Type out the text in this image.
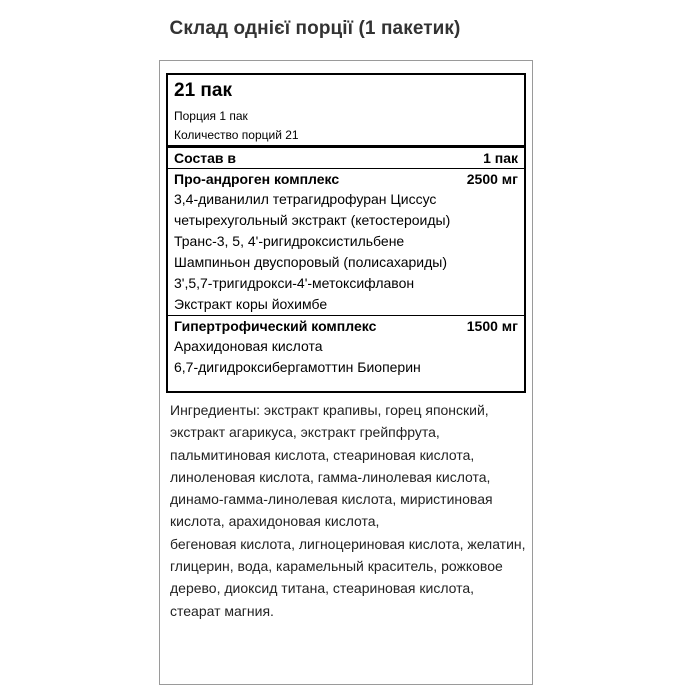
Склад однієї порції (1 пакетик)
21 пак
Порция 1 пак
Количество порций 21
Состав в	1 пак
Про-андроген комплекс	2500 мг
3,4-диванилил тетрагидрофуран Циссус
четырехугольный экстракт (кетостероиды)
Транс-3, 5, 4'-ригидроксистильбене
Шампиньон двуспоровый (полисахариды)
3',5,7-тригидрокси-4'-метоксифлавон
Экстракт коры йохимбе
Гипертрофический комплекс	1500 мг
Арахидоновая кислота
6,7-дигидроксибергамоттин Биоперин

Ингредиенты: экстракт крапивы, горец японский, экстракт агарикуса, экстракт грейпфрута, пальмитиновая кислота, стеариновая кислота, линоленовая кислота, гамма-линолевая кислота, динамо-гамма-линолевая кислота, миристиновая кислота, арахидоновая кислота,

бегеновая кислота, лигноцериновая кислота, желатин, глицерин, вода, карамельный краситель, рожковое дерево, диоксид титана, стеариновая кислота, стеарат магния.
